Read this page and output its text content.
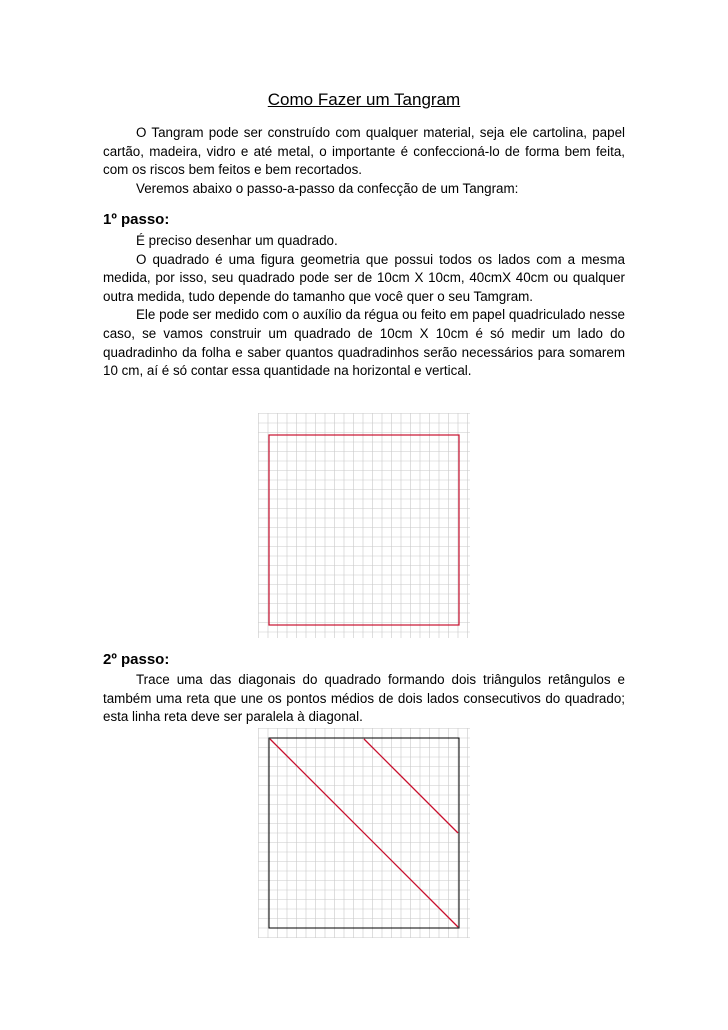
Como Fazer um Tangram

O Tangram pode ser construído com qualquer material, seja ele cartolina, papel cartão, madeira, vidro e até metal, o importante é confeccioná-lo de forma bem feita, com os riscos bem feitos e bem recortados.

Veremos abaixo o passo-a-passo da confecção de um Tangram:

1º passo:

É preciso desenhar um quadrado.

O quadrado é uma figura geometria que possui todos os lados com a mesma medida, por isso, seu quadrado pode ser de 10cm X 10cm, 40cmX 40cm ou qualquer outra medida, tudo depende do tamanho que você quer o seu Tamgram.

Ele pode ser medido com o auxílio da régua ou feito em papel quadriculado nesse caso, se vamos construir um quadrado de 10cm X 10cm é só medir um lado do quadradinho da folha e saber quantos quadradinhos serão necessários para somarem 10 cm, aí é só contar essa quantidade na horizontal e vertical.

2º passo:

Trace uma das diagonais do quadrado formando dois triângulos retângulos e também uma reta que une os pontos médios de dois lados consecutivos do quadrado; esta linha reta deve ser paralela à diagonal.
